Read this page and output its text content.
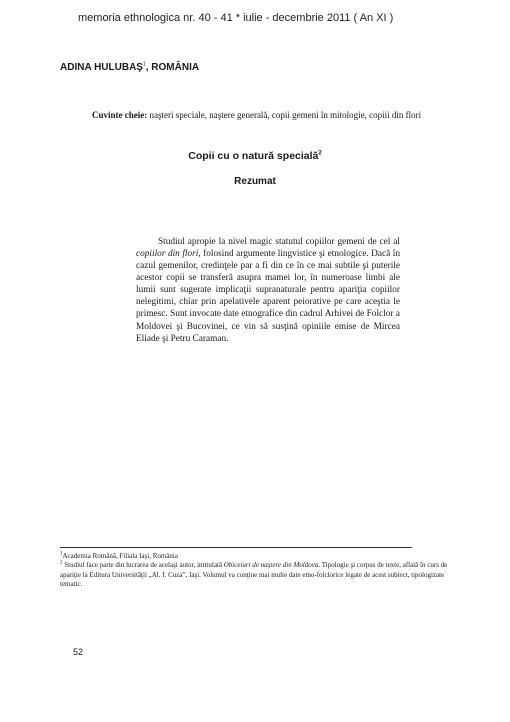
memoria ethnologica nr. 40 - 41 * iulie - decembrie 2011 ( An XI )
ADINA HULUBAŞ$^1$, ROMÂNIA
Cuvinte cheie: naşteri speciale, naştere generală, copii gemeni în mitologie, copiii din flori
Copii cu o natură specială$^2$
Rezumat
Studiul apropie la nivel magic statutul copiilor gemeni de cel al copiilor din flori, folosind argumente lingvistice şi etnologice. Dacă în cazul gemenilor, credinţele par a fi din ce în ce mai subtile şi puterile acestor copii se transferă asupra mamei lor, în numeroase limbi ale lumii sunt sugerate implicaţii supranaturale pentru apariţia copiilor nelegitimi, chiar prin apelativele aparent peiorative pe care aceştia le primesc. Sunt invocate date etnografice din cadrul Arhivei de Folclor a Moldovei şi Bucovinei, ce vin să susţină opiniile emise de Mircea Eliade şi Petru Caraman.

$^1$Academia Română, Filiala Iaşi, România

$^2$ Studiul face parte din lucrarea de acelaşi autor, intitulată Obiceiuri de naştere din Moldova. Tipologie şi corpus de texte, aflată în curs de apariţie la Editura Universităţii „Al. I. Cuza”, Iaşi. Volumul va conţine mai multe date etno-folclorice legate de acest subiect, tipologizate tematic.

52
